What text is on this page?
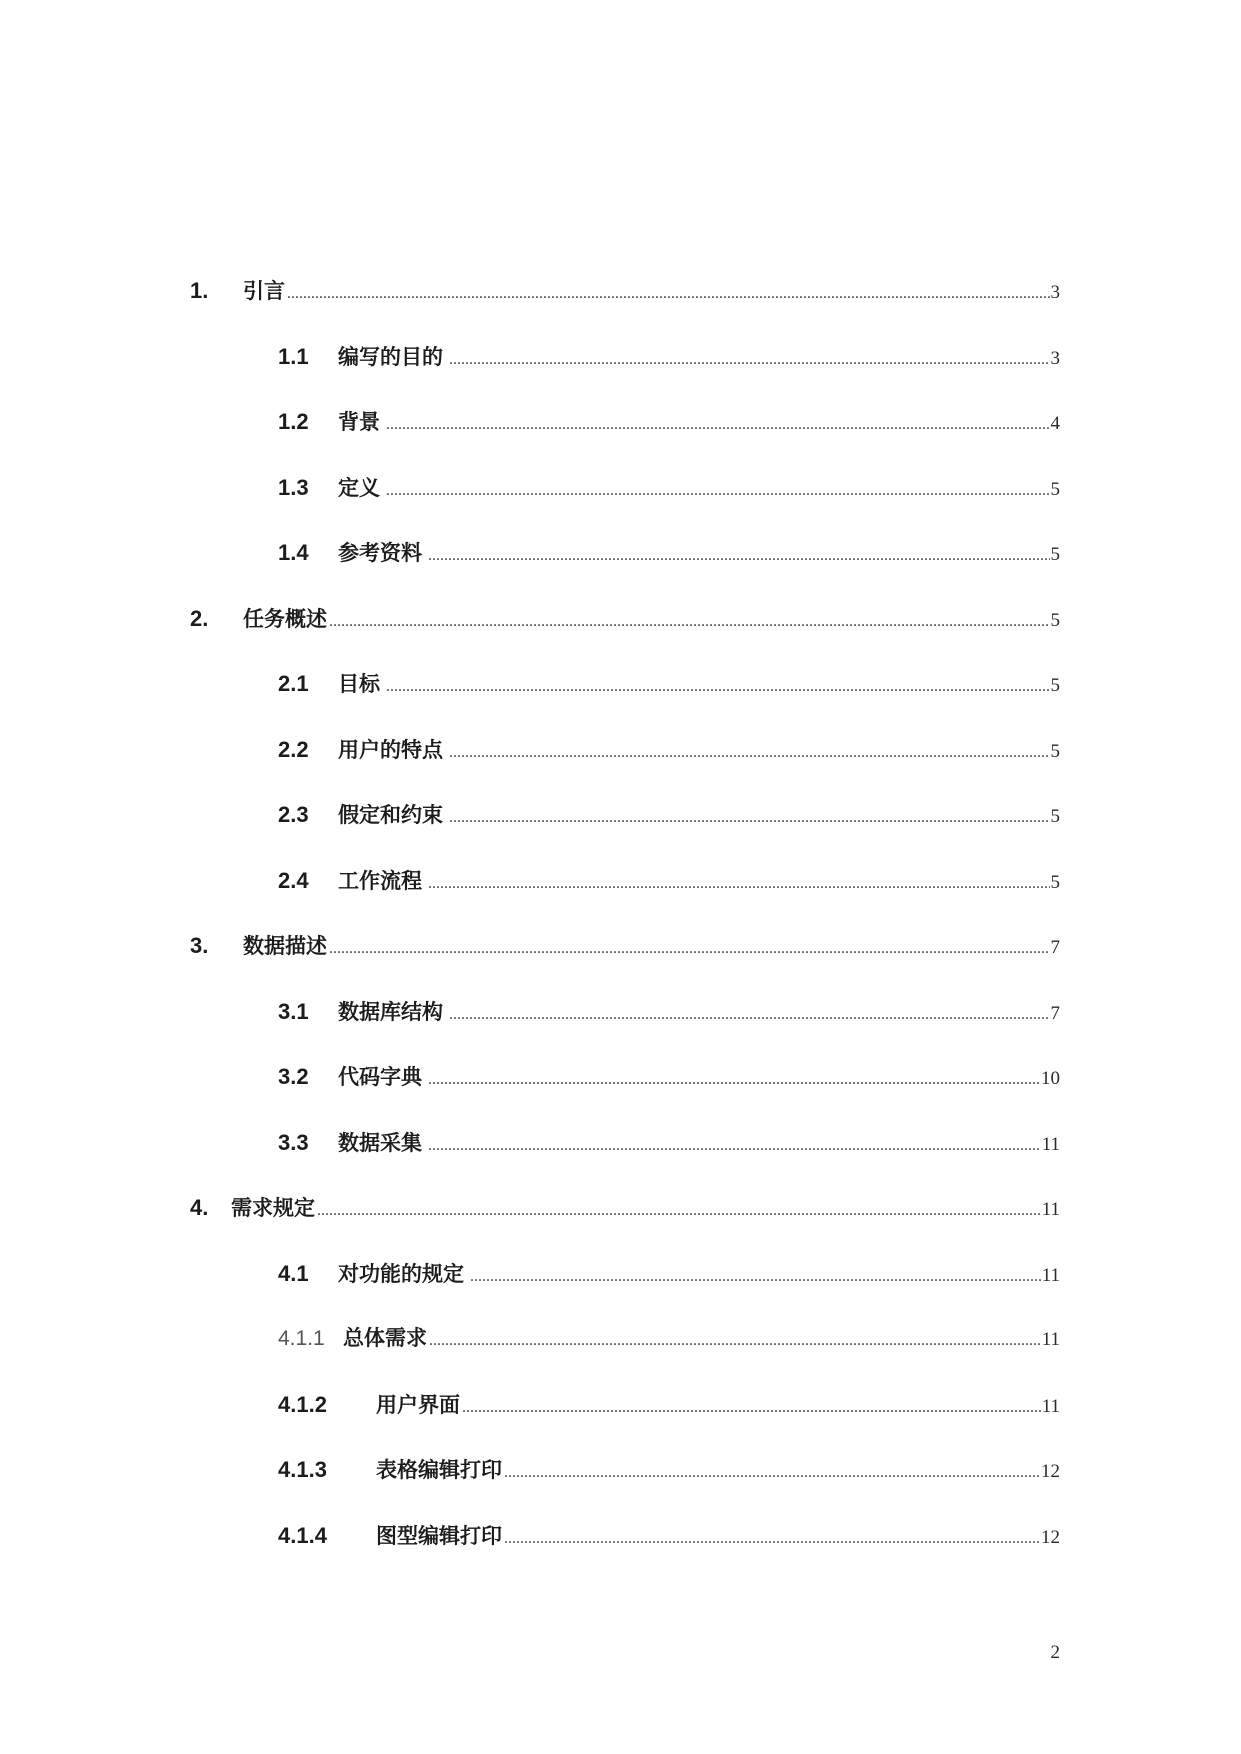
1.	引言 .....	3
1.1	编写的目的 .....	3
1.2	背景 .....	4
1.3	定义 .....	5
1.4	参考资料 .....	5
2.	任务概述 .....	5
2.1	目标 .....	5
2.2	用户的特点 .....	5
2.3	假定和约束 .....	5
2.4	工作流程 .....	5
3.	数据描述 .....	7
3.1	数据库结构 .....	7
3.2	代码字典 .....	10
3.3	数据采集 .....	11
4.	需求规定 .....	11
4.1	对功能的规定 .....	11
4.1.1 总体需求 .....	11
4.1.2	用户界面 .....	11
4.1.3	表格编辑打印 .....	12
4.1.4	图型编辑打印 .....	12
2
